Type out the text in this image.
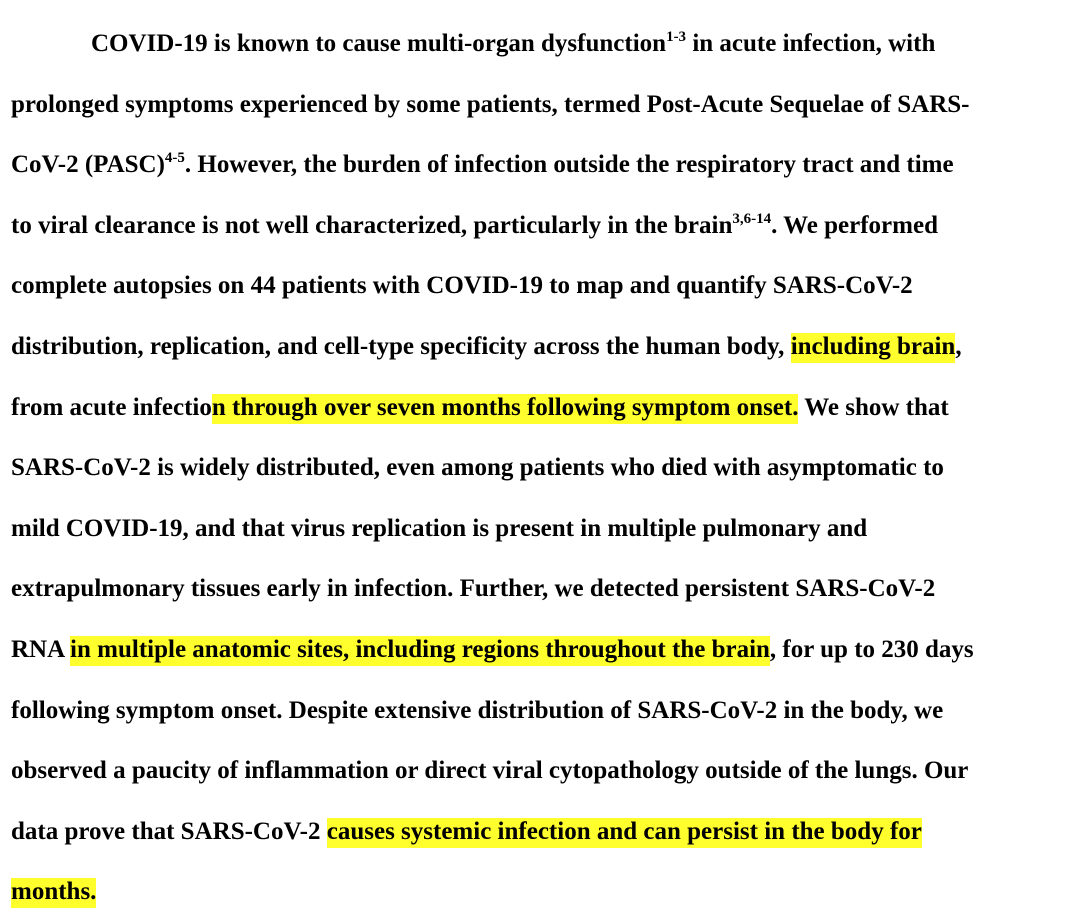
COVID-19 is known to cause multi-organ dysfunction$^{1-3}$ in acute infection, with
prolonged symptoms experienced by some patients, termed Post-Acute Sequelae of SARS-
CoV-2 (PASC)$^{4-5}$. However, the burden of infection outside the respiratory tract and time
to viral clearance is not well characterized, particularly in the brain$^{3,6-14}$. We performed
complete autopsies on 44 patients with COVID-19 to map and quantify SARS-CoV-2
distribution, replication, and cell-type specificity across the human body, including brain,
from acute infection through over seven months following symptom onset. We show that
SARS-CoV-2 is widely distributed, even among patients who died with asymptomatic to
mild COVID-19, and that virus replication is present in multiple pulmonary and
extrapulmonary tissues early in infection. Further, we detected persistent SARS-CoV-2
RNA in multiple anatomic sites, including regions throughout the brain, for up to 230 days
following symptom onset. Despite extensive distribution of SARS-CoV-2 in the body, we
observed a paucity of inflammation or direct viral cytopathology outside of the lungs. Our
data prove that SARS-CoV-2 causes systemic infection and can persist in the body for
months.
